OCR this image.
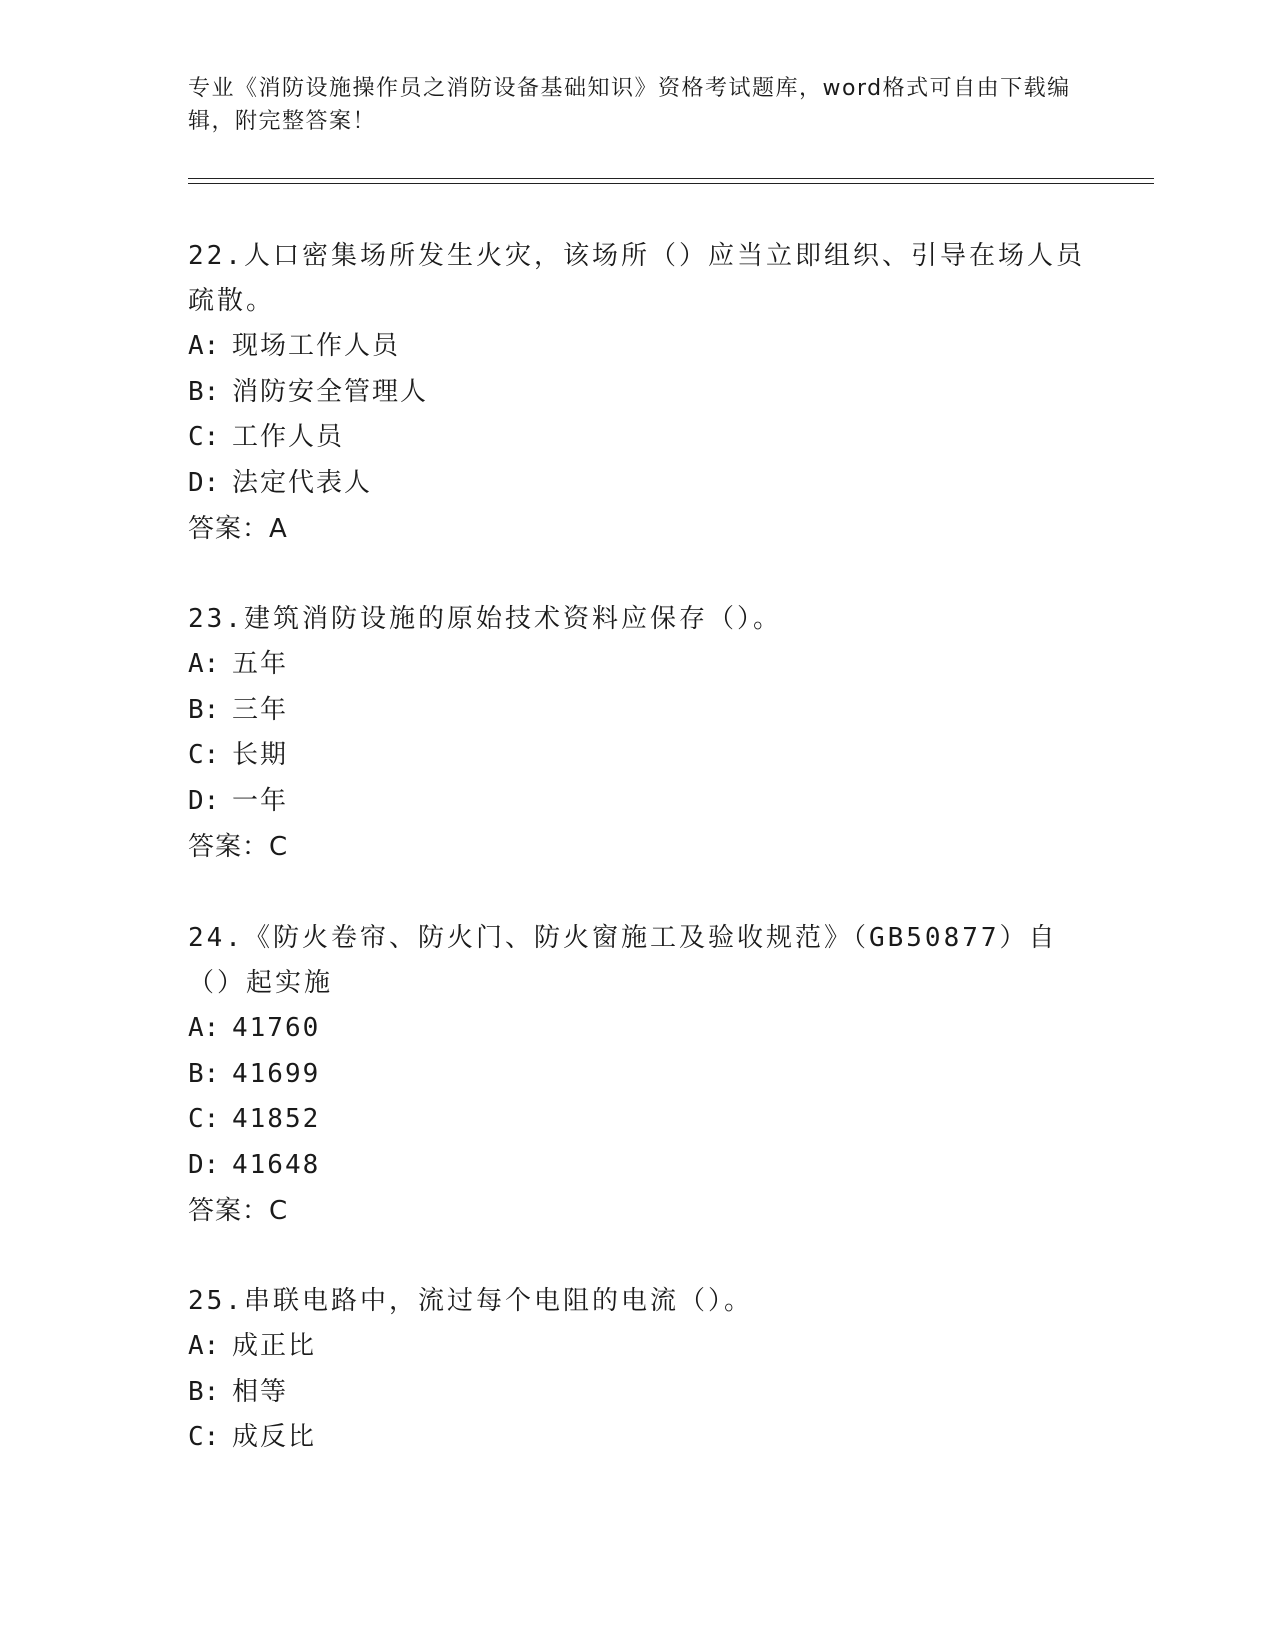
专业《消防设施操作员之消防设备基础知识》资格考试题库，word格式可自由下载编辑，附完整答案！

22.人口密集场所发生火灾，该场所（）应当立即组织、引导在场人员疏散。

A: 现场工作人员

B: 消防安全管理人

C: 工作人员

D: 法定代表人

答案：A

23.建筑消防设施的原始技术资料应保存（）。

A: 五年

B: 三年

C: 长期

D: 一年

答案：C

24.《防火卷帘、防火门、防火窗施工及验收规范》（GB50877）自（）起实施

A: 41760

B: 41699

C: 41852

D: 41648

答案：C

25.串联电路中，流过每个电阻的电流（）。

A: 成正比

B: 相等

C: 成反比
